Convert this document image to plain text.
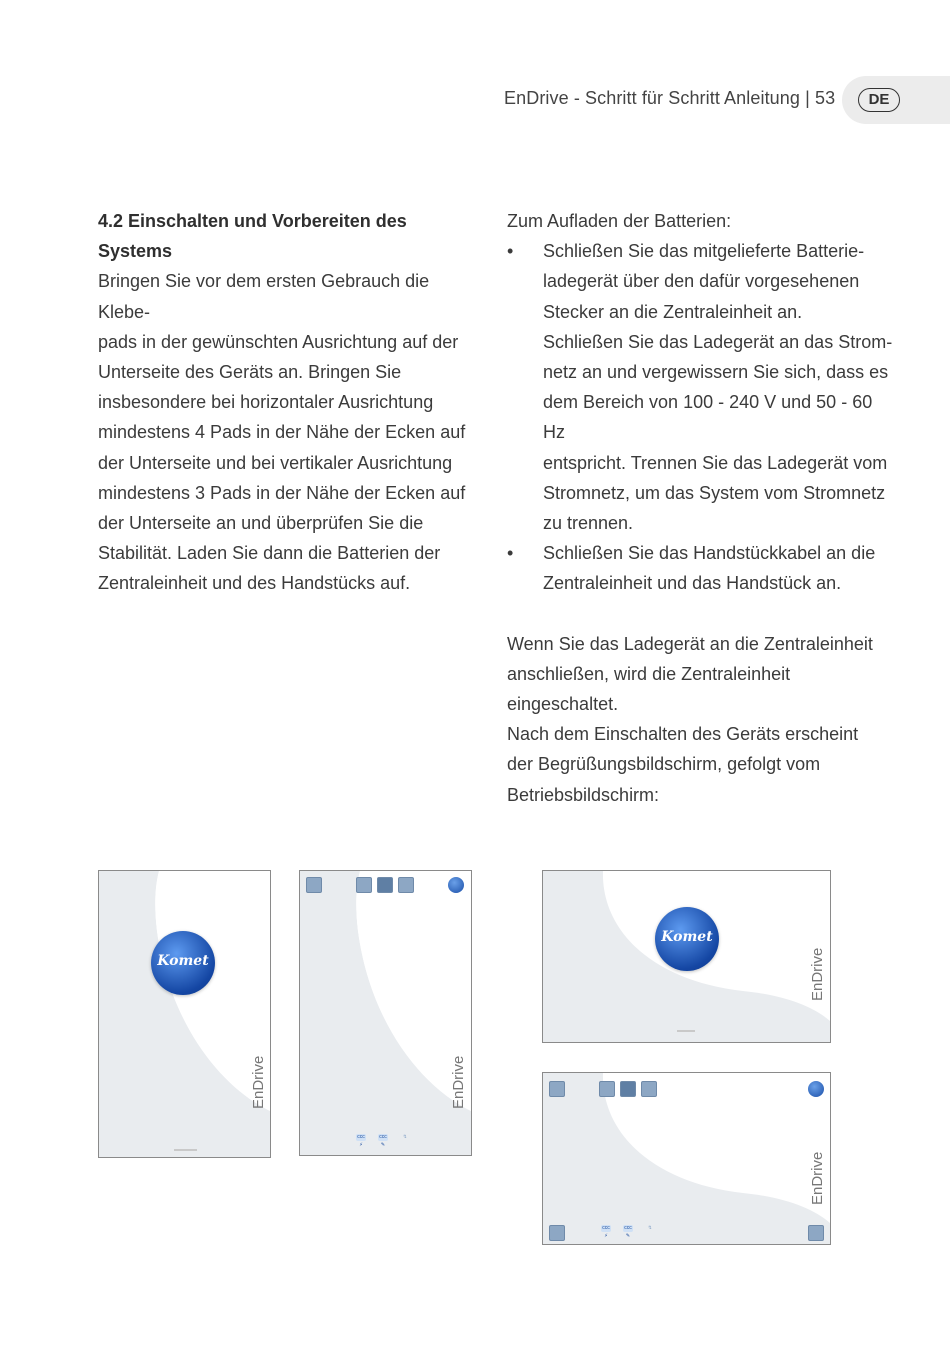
EnDrive - Schritt für Schritt Anleitung | 53	DE
4.2 Einschalten und Vorbereiten des Systems
Bringen Sie vor dem ersten Gebrauch die Klebe-
pads in der gewünschten Ausrichtung auf der
Unterseite des Geräts an. Bringen Sie
insbesondere bei horizontaler Ausrichtung
mindestens 4 Pads in der Nähe der Ecken auf
der Unterseite und bei vertikaler Ausrichtung
mindestens 3 Pads in der Nähe der Ecken auf
der Unterseite an und überprüfen Sie die
Stabilität. Laden Sie dann die Batterien der
Zentraleinheit und des Handstücks auf.
Zum Aufladen der Batterien:
• Schließen Sie das mitgelieferte Batterie-
ladegerät über den dafür vorgesehenen
Stecker an die Zentraleinheit an.
Schließen Sie das Ladegerät an das Strom-
netz an und vergewissern Sie sich, dass es
dem Bereich von 100 - 240 V und 50 - 60 Hz
entspricht. Trennen Sie das Ladegerät vom
Stromnetz, um das System vom Stromnetz
zu trennen.
• Schließen Sie das Handstückkabel an die
Zentraleinheit und das Handstück an.
Wenn Sie das Ladegerät an die Zentraleinheit
anschließen, wird die Zentraleinheit
eingeschaltet.
Nach dem Einschalten des Geräts erscheint
der Begrüßungsbildschirm, gefolgt vom
Betriebsbildschirm:
Komet
EnDrive	EnDrive
ccc
⚡
ccc
✎
↯
Komet
EnDrive
EnDrive
ccc
⚡
ccc
✎
↯
